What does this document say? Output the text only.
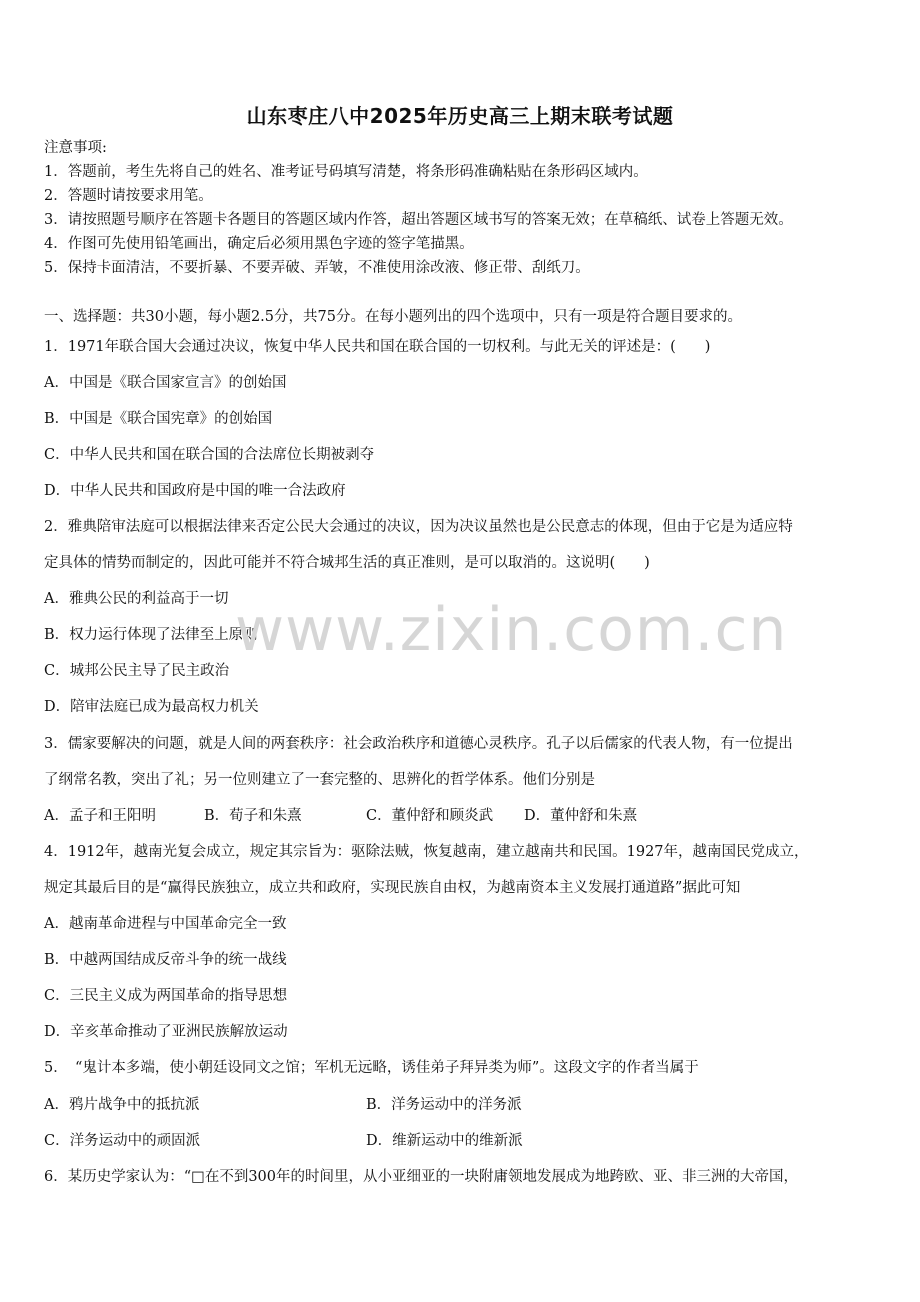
山东枣庄八中2025年历史高三上期末联考试题
注意事项:
1．答题前，考生先将自己的姓名、准考证号码填写清楚，将条形码准确粘贴在条形码区域内。
2．答题时请按要求用笔。
3．请按照题号顺序在答题卡各题目的答题区域内作答，超出答题区域书写的答案无效；在草稿纸、试卷上答题无效。
4．作图可先使用铅笔画出，确定后必须用黑色字迹的签字笔描黑。
5．保持卡面清洁，不要折暴、不要弄破、弄皱，不准使用涂改液、修正带、刮纸刀。
一、选择题：共30小题，每小题2.5分，共75分。在每小题列出的四个选项中，只有一项是符合题目要求的。
1．1971年联合国大会通过决议，恢复中华人民共和国在联合国的一切权利。与此无关的评述是：(　　)
A．中国是《联合国家宣言》的创始国
B．中国是《联合国宪章》的创始国
C．中华人民共和国在联合国的合法席位长期被剥夺
D．中华人民共和国政府是中国的唯一合法政府
2．雅典陪审法庭可以根据法律来否定公民大会通过的决议，因为决议虽然也是公民意志的体现，但由于它是为适应特
定具体的情势而制定的，因此可能并不符合城邦生活的真正准则，是可以取消的。这说明(　　)
A．雅典公民的利益高于一切
B．权力运行体现了法律至上原则
C．城邦公民主导了民主政治
D．陪审法庭已成为最高权力机关
www.zixin.com.cn
3．儒家要解决的问题，就是人间的两套秩序：社会政治秩序和道德心灵秩序。孔子以后儒家的代表人物，有一位提出
了纲常名教，突出了礼；另一位则建立了一套完整的、思辨化的哲学体系。他们分别是
A．孟子和王阳明	B．荀子和朱熹	C．董仲舒和顾炎武 D．董仲舒和朱熹
4．1912年，越南光复会成立，规定其宗旨为：驱除法贼，恢复越南，建立越南共和民国。1927年，越南国民党成立，
规定其最后目的是“赢得民族独立，成立共和政府，实现民族自由权，为越南资本主义发展打通道路”据此可知
A．越南革命进程与中国革命完全一致
B．中越两国结成反帝斗争的统一战线
C．三民主义成为两国革命的指导思想
D．辛亥革命推动了亚洲民族解放运动
5．　“鬼计本多端，使小朝廷设同文之馆；军机无远略，诱佳弟子拜异类为师”。这段文字的作者当属于
A．鸦片战争中的抵抗派	B．洋务运动中的洋务派
C．洋务运动中的顽固派	D．维新运动中的维新派
6．某历史学家认为：“□在不到300年的时间里，从小亚细亚的一块附庸领地发展成为地跨欧、亚、非三洲的大帝国，
